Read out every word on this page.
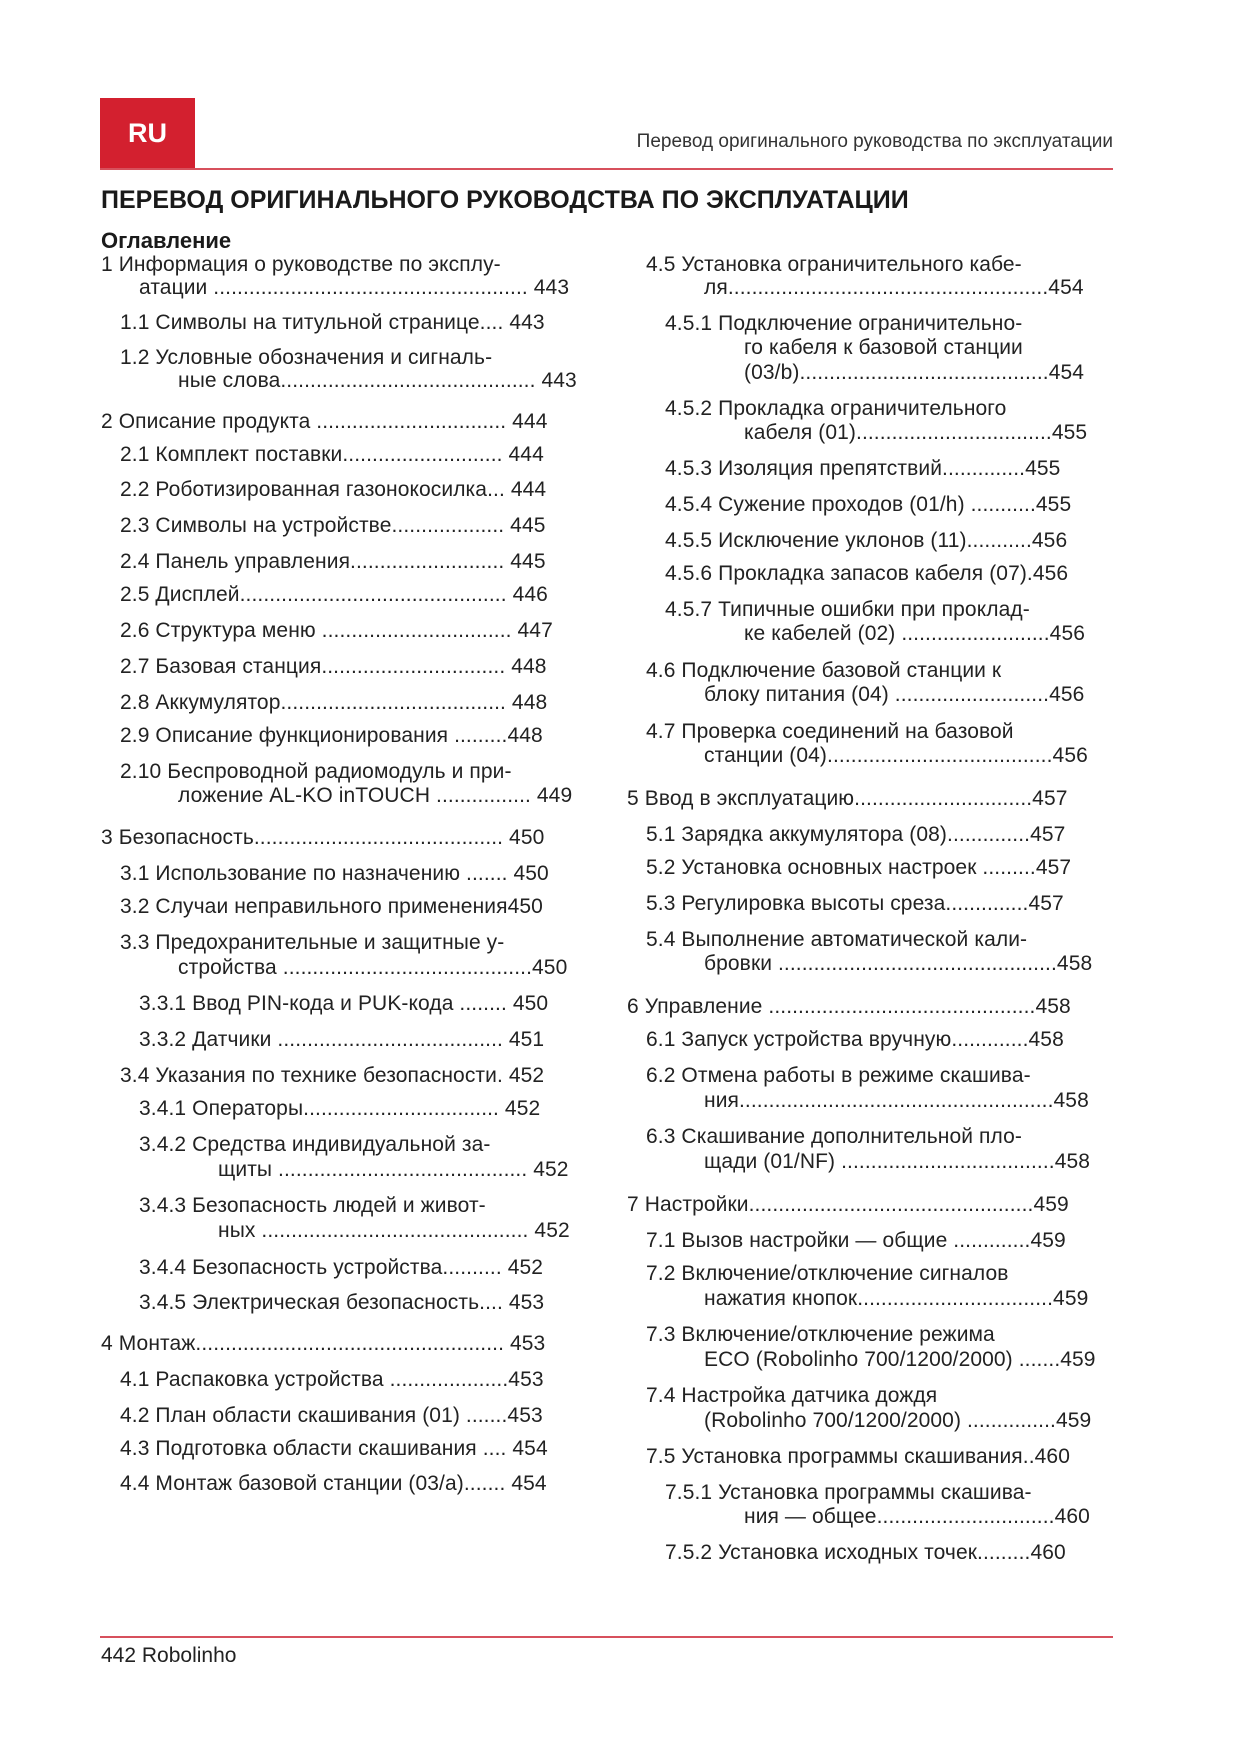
RU	Перевод оригинального руководства по эксплуатации
ПЕРЕВОД ОРИГИНАЛЬНОГО РУКОВОДСТВА ПО ЭКСПЛУАТАЦИИ
Оглавление
1 Информация о руководстве по эксплу-
атации ..................................................... 443
1.1 Символы на титульной странице.... 443
1.2 Условные обозначения и сигналь-
ные слова........................................... 443
2 Описание продукта ................................ 444
2.1 Комплект поставки........................... 444
2.2 Роботизированная газонокосилка... 444
2.3 Символы на устройстве................... 445
2.4 Панель управления.......................... 445
2.5 Дисплей............................................. 446
2.6 Структура меню ................................ 447
2.7 Базовая станция............................... 448
2.8 Аккумулятор...................................... 448
2.9 Описание функционирования .........448
2.10 Беспроводной радиомодуль и при-
ложение AL-KO inTOUCH ................ 449
3 Безопасность.......................................... 450
3.1 Использование по назначению ....... 450
3.2 Случаи неправильного применения450
3.3 Предохранительные и защитные у-
стройства ..........................................450
3.3.1 Ввод PIN-кода и PUK-кода ........ 450
3.3.2 Датчики ...................................... 451
3.4 Указания по технике безопасности. 452
3.4.1 Операторы................................. 452
3.4.2 Средства индивидуальной за-
щиты .......................................... 452
3.4.3 Безопасность людей и живот-
ных ............................................. 452
3.4.4 Безопасность устройства.......... 452
3.4.5 Электрическая безопасность.... 453
4 Монтаж.................................................... 453
4.1 Распаковка устройства ....................453
4.2 План области скашивания (01) .......453
4.3 Подготовка области скашивания .... 454
4.4 Монтаж базовой станции (03/a)....... 454
4.5 Установка ограничительного кабе-
ля......................................................454
4.5.1 Подключение ограничительно-
го кабеля к базовой станции
(03/b)..........................................454
4.5.2 Прокладка ограничительного
кабеля (01).................................455
4.5.3 Изоляция препятствий..............455
4.5.4 Сужение проходов (01/h) ...........455
4.5.5 Исключение уклонов (11)...........456
4.5.6 Прокладка запасов кабеля (07).456
4.5.7 Типичные ошибки при проклад-
ке кабелей (02) .........................456
4.6 Подключение базовой станции к
блоку питания (04) ..........................456
4.7 Проверка соединений на базовой
станции (04)......................................456
5 Ввод в эксплуатацию..............................457
5.1 Зарядка аккумулятора (08)..............457
5.2 Установка основных настроек .........457
5.3 Регулировка высоты среза..............457
5.4 Выполнение автоматической кали-
бровки ...............................................458
6 Управление .............................................458
6.1 Запуск устройства вручную.............458
6.2 Отмена работы в режиме скашива-
ния.....................................................458
6.3 Скашивание дополнительной пло-
щади (01/NF) ....................................458
7 Настройки................................................459
7.1 Вызов настройки — общие .............459
7.2 Включение/отключение сигналов
нажатия кнопок.................................459
7.3 Включение/отключение режима
ECO (Robolinho 700/1200/2000) .......459
7.4 Настройка датчика дождя
(Robolinho 700/1200/2000) ...............459
7.5 Установка программы скашивания..460
7.5.1 Установка программы скашива-
ния — общее..............................460
7.5.2 Установка исходных точек.........460
442 Robolinho
